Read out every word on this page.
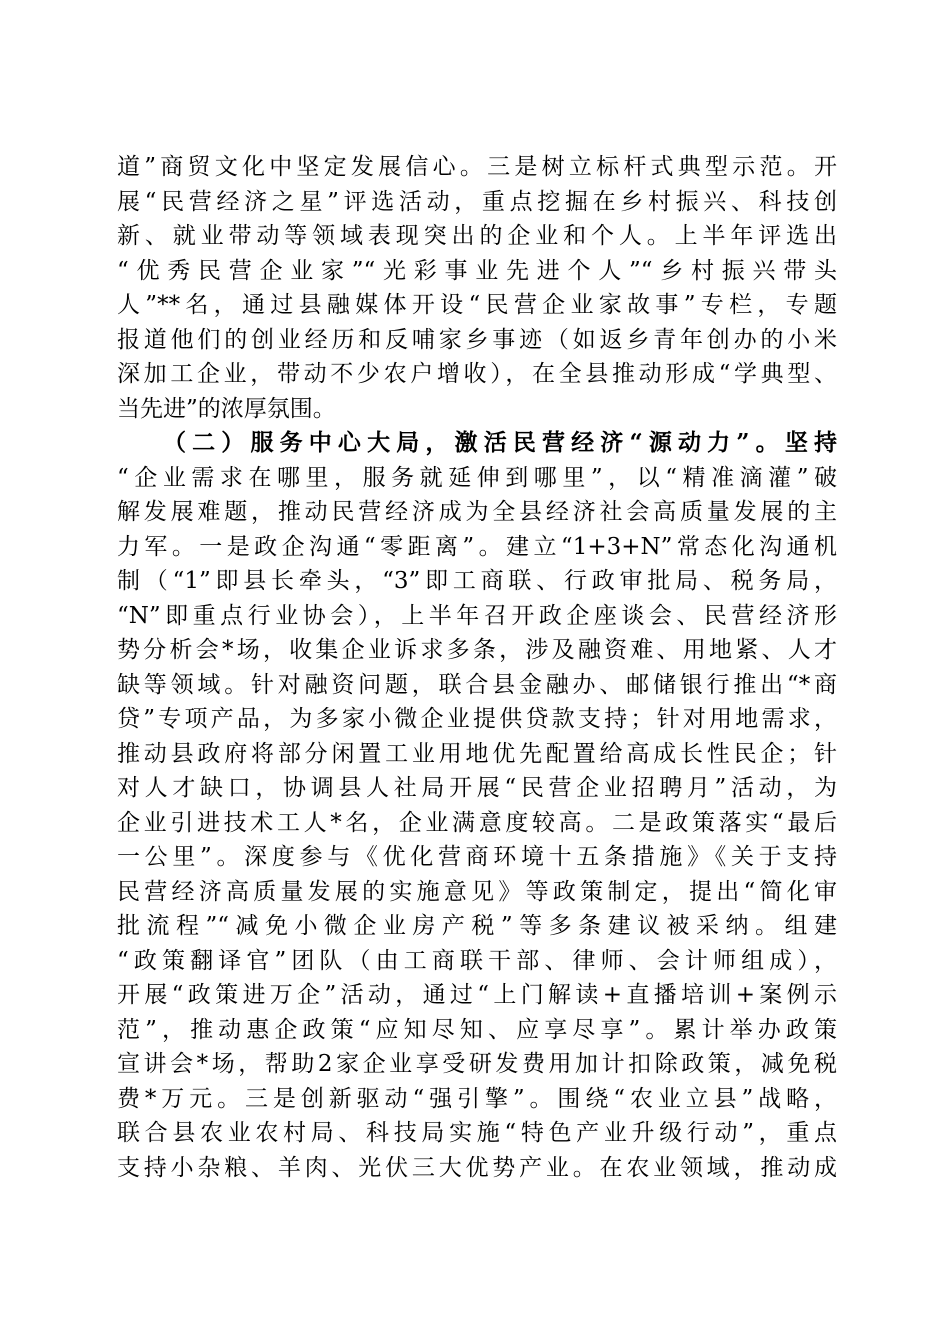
道”商贸文化中坚定发展信心。三是树立标杆式典型示范。开
展“民营经济之星”评选活动，重点挖掘在乡村振兴、科技创
新、就业带动等领域表现突出的企业和个人。上半年评选出
“优秀民营企业家”“光彩事业先进个人”“乡村振兴带头
人”**名，通过县融媒体开设“民营企业家故事”专栏，专题
报道他们的创业经历和反哺家乡事迹（如返乡青年创办的小米
深加工企业，带动不少农户增收），在全县推动形成“学典型、
当先进”的浓厚氛围。
（二）服务中心大局，激活民营经济“源动力”。坚持
“企业需求在哪里，服务就延伸到哪里”，以“精准滴灌”破
解发展难题，推动民营经济成为全县经济社会高质量发展的主
力军。一是政企沟通“零距离”。建立“1+3+N”常态化沟通机
制（“1”即县长牵头，“3”即工商联、行政审批局、税务局，
“N”即重点行业协会），上半年召开政企座谈会、民营经济形
势分析会*场，收集企业诉求多条，涉及融资难、用地紧、人才
缺等领域。针对融资问题，联合县金融办、邮储银行推出“*商
贷”专项产品，为多家小微企业提供贷款支持；针对用地需求，
推动县政府将部分闲置工业用地优先配置给高成长性民企；针
对人才缺口，协调县人社局开展“民营企业招聘月”活动，为
企业引进技术工人*名，企业满意度较高。二是政策落实“最后
一公里”。深度参与《优化营商环境十五条措施》《关于支持
民营经济高质量发展的实施意见》等政策制定，提出“简化审
批流程”“减免小微企业房产税”等多条建议被采纳。组建
“政策翻译官”团队（由工商联干部、律师、会计师组成），
开展“政策进万企”活动，通过“上门解读+直播培训+案例示
范”，推动惠企政策“应知尽知、应享尽享”。累计举办政策
宣讲会*场，帮助2家企业享受研发费用加计扣除政策，减免税
费*万元。三是创新驱动“强引擎”。围绕“农业立县”战略，
联合县农业农村局、科技局实施“特色产业升级行动”，重点
支持小杂粮、羊肉、光伏三大优势产业。在农业领域，推动成
